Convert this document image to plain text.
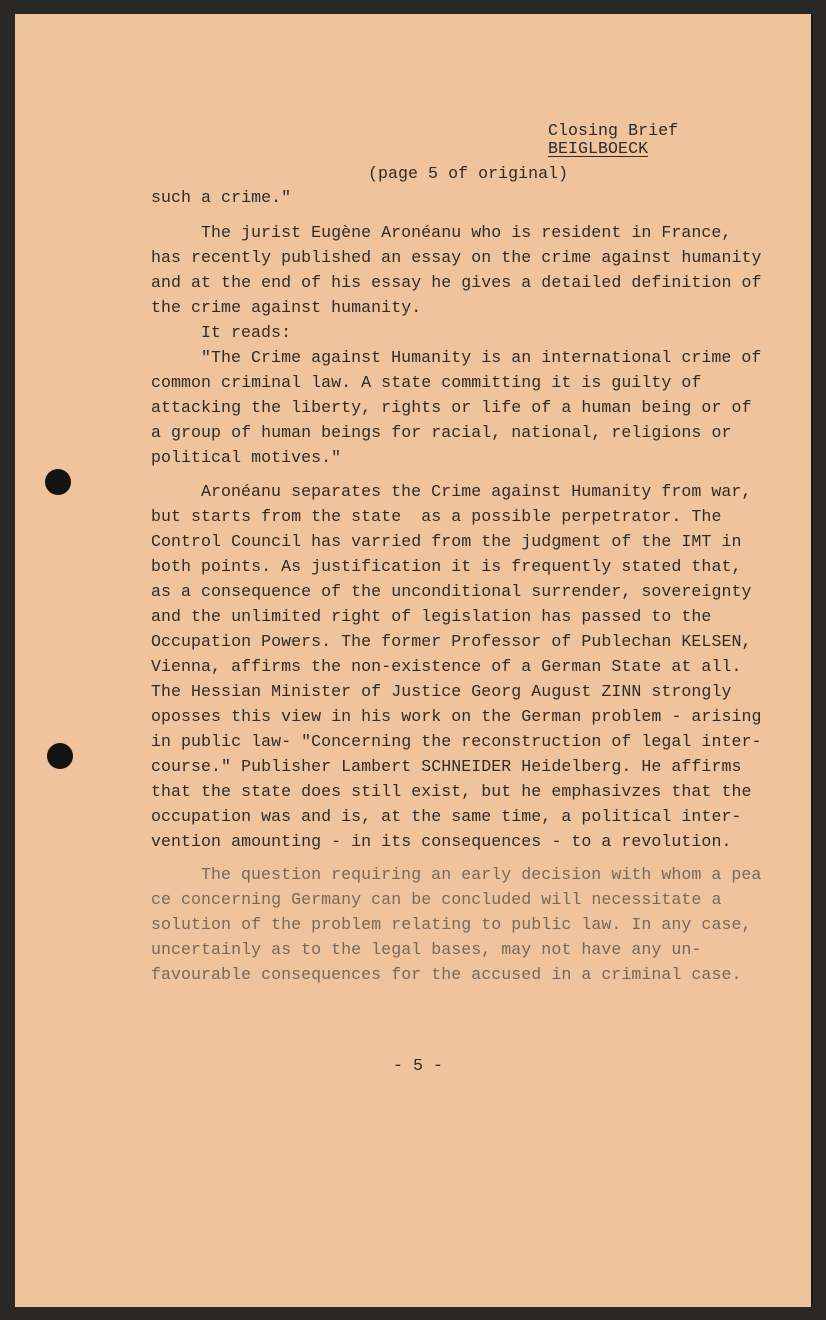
Closing Brief
BEIGLBOECK
(page 5 of original)
such a crime."
The jurist Eugène Aronéanu who is resident in France,
has recently published an essay on the crime against humanity
and at the end of his essay he gives a detailed definition of
the crime against humanity.
It reads:
"The Crime against Humanity is an international crime of
common criminal law. A state committing it is guilty of
attacking the liberty, rights or life of a human being or of
a group of human beings for racial, national, religions or
political motives."
Aronéanu separates the Crime against Humanity from war,
but starts from the state  as a possible perpetrator. The
Control Council has varried from the judgment of the IMT in
both points. As justification it is frequently stated that,
as a consequence of the unconditional surrender, sovereignty
and the unlimited right of legislation has passed to the
Occupation Powers. The former Professor of Publechan KELSEN,
Vienna, affirms the non-existence of a German State at all.
The Hessian Minister of Justice Georg August ZINN strongly
oposses this view in his work on the German problem - arising
in public law- "Concerning the reconstruction of legal inter-
course." Publisher Lambert SCHNEIDER Heidelberg. He affirms
that the state does still exist, but he emphasivzes that the
occupation was and is, at the same time, a political inter-
vention amounting - in its consequences - to a revolution.
The question requiring an early decision with whom a pea
ce concerning Germany can be concluded will necessitate a
solution of the problem relating to public law. In any case,
uncertainly as to the legal bases, may not have any un-
favourable consequences for the accused in a criminal case.
- 5 -
